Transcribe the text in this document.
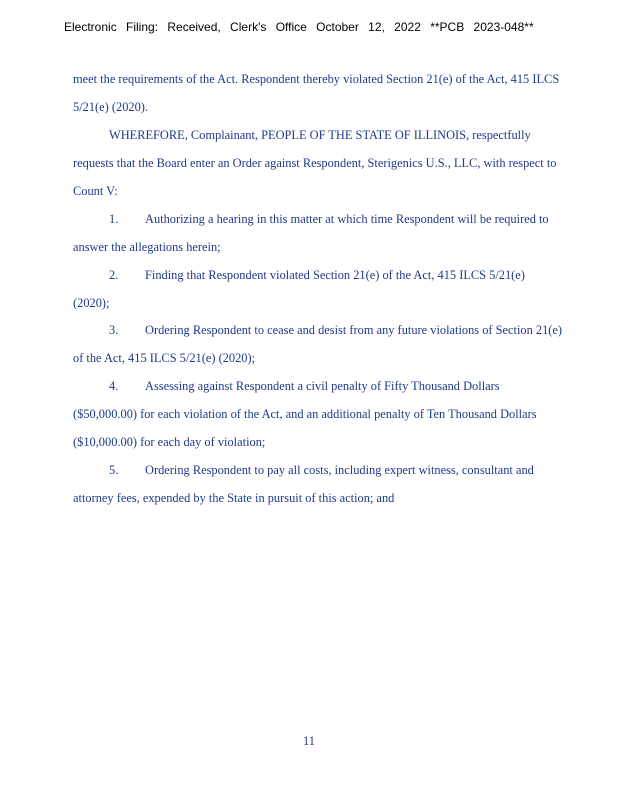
Electronic Filing: Received, Clerk's Office October 12, 2022 **PCB 2023-048**
meet the requirements of the Act. Respondent thereby violated Section 21(e) of the Act, 415 ILCS
5/21(e) (2020).
WHEREFORE, Complainant, PEOPLE OF THE STATE OF ILLINOIS, respectfully
requests that the Board enter an Order against Respondent, Sterigenics U.S., LLC, with respect to
Count V:
1. Authorizing a hearing in this matter at which time Respondent will be required to
answer the allegations herein;
2. Finding that Respondent violated Section 21(e) of the Act, 415 ILCS 5/21(e)
(2020);
3. Ordering Respondent to cease and desist from any future violations of Section 21(e)
of the Act, 415 ILCS 5/21(e) (2020);
4. Assessing against Respondent a civil penalty of Fifty Thousand Dollars
($50,000.00) for each violation of the Act, and an additional penalty of Ten Thousand Dollars
($10,000.00) for each day of violation;
5. Ordering Respondent to pay all costs, including expert witness, consultant and
attorney fees, expended by the State in pursuit of this action; and
11
